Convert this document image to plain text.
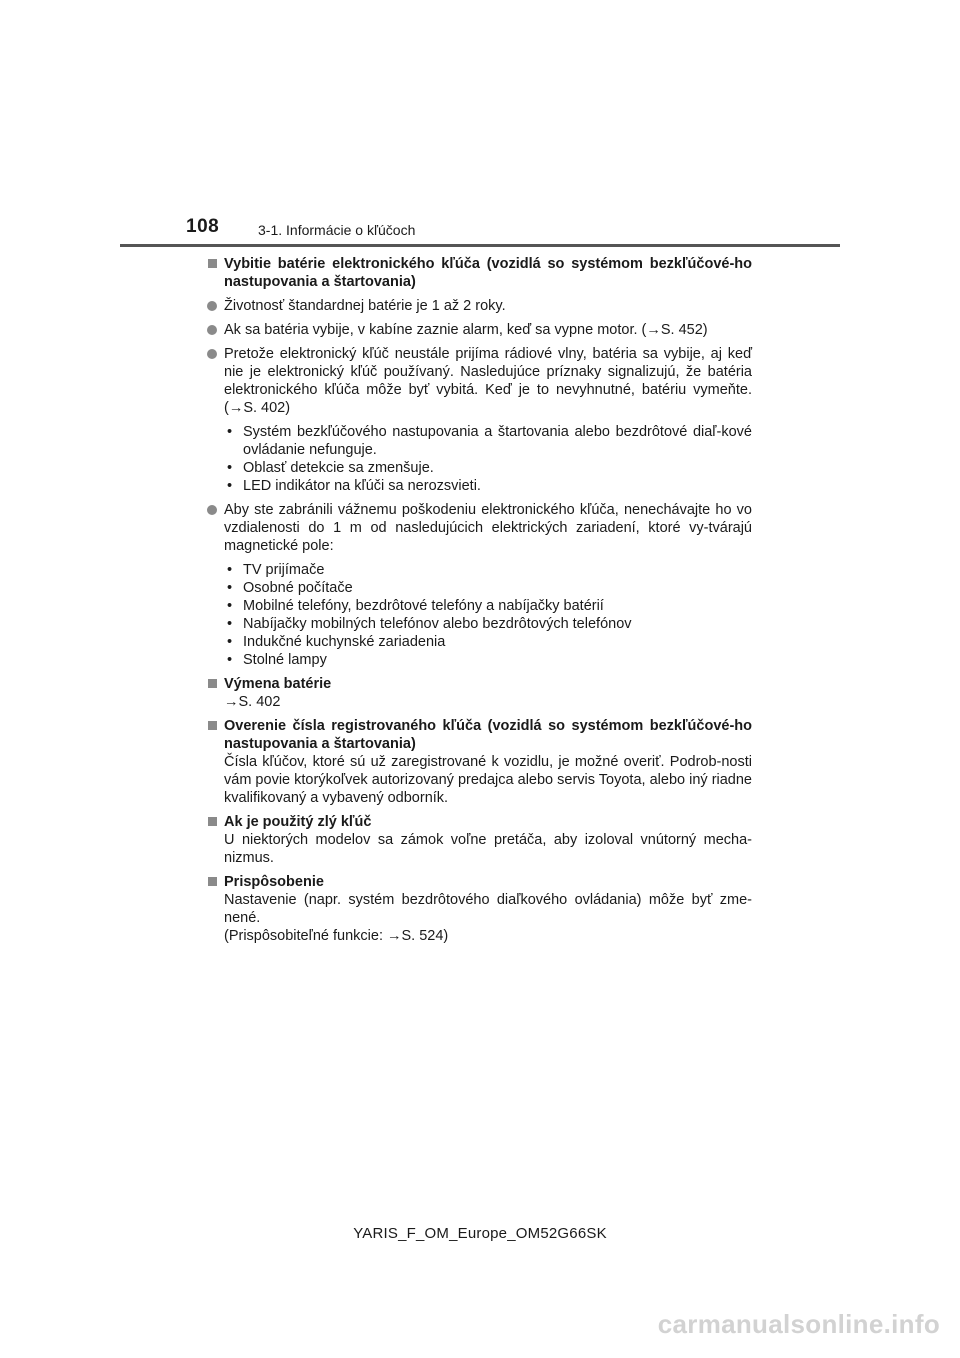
108	3-1. Informácie o kľúčoch

Vybitie batérie elektronického kľúča (vozidlá so systémom bezkľúčové-ho nastupovania a štartovania)

Životnosť štandardnej batérie je 1 až 2 roky.
Ak sa batéria vybije, v kabíne zaznie alarm, keď sa vypne motor. (→S. 452)
Pretože elektronický kľúč neustále prijíma rádiové vlny, batéria sa vybije, aj keď nie je elektronický kľúč používaný. Nasledujúce príznaky signalizujú, že batéria elektronického kľúča môže byť vybitá. Keď je to nevyhnutné, batériu vymeňte. (→S. 402)
• Systém bezkľúčového nastupovania a štartovania alebo bezdrôtové diaľ-kové ovládanie nefunguje.
• Oblasť detekcie sa zmenšuje.
• LED indikátor na kľúči sa nerozsvieti.
Aby ste zabránili vážnemu poškodeniu elektronického kľúča, nenechávajte ho vo vzdialenosti do 1 m od nasledujúcich elektrických zariadení, ktoré vy-tvárajú magnetické pole:
• TV prijímače
• Osobné počítače
• Mobilné telefóny, bezdrôtové telefóny a nabíjačky batérií
• Nabíjačky mobilných telefónov alebo bezdrôtových telefónov
• Indukčné kuchynské zariadenia
• Stolné lampy

Výmena batérie

→S. 402

Overenie čísla registrovaného kľúča (vozidlá so systémom bezkľúčové-ho nastupovania a štartovania)

Čísla kľúčov, ktoré sú už zaregistrované k vozidlu, je možné overiť. Podrob-nosti vám povie ktorýkoľvek autorizovaný predajca alebo servis Toyota, alebo iný riadne kvalifikovaný a vybavený odborník.

Ak je použitý zlý kľúč

U niektorých modelov sa zámok voľne pretáča, aby izoloval vnútorný mecha-nizmus.

Prispôsobenie

Nastavenie (napr. systém bezdrôtového diaľkového ovládania) môže byť zme-nené.

(Prispôsobiteľné funkcie: →S. 524)

YARIS_F_OM_Europe_OM52G66SK
carmanualsonline.info
